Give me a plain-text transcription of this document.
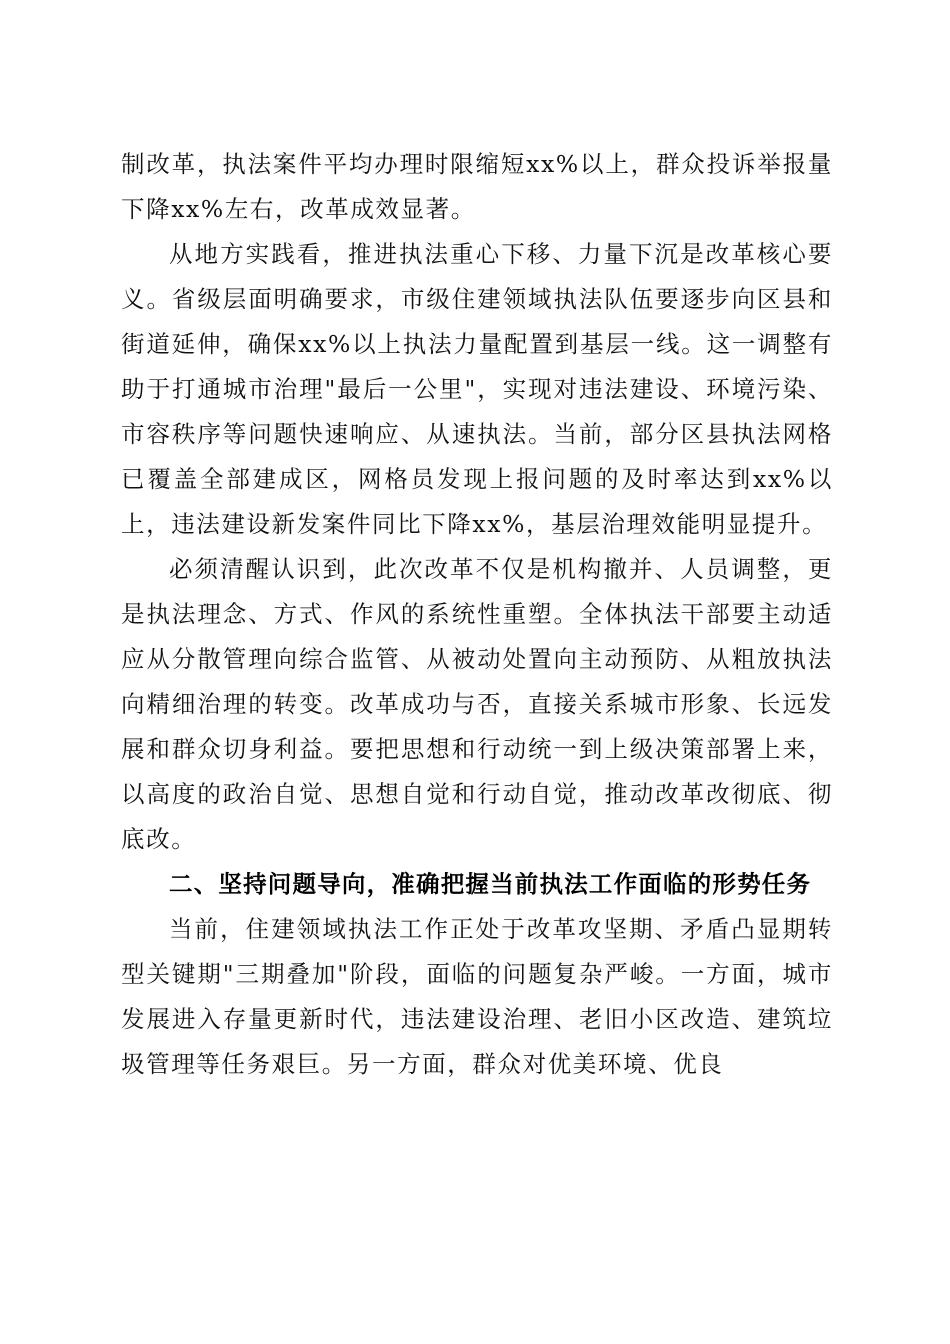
制改革，执法案件平均办理时限缩短xx%以上，群众投诉举报量下降xx%左右，改革成效显著。

从地方实践看，推进执法重心下移、力量下沉是改革核心要义。省级层面明确要求，市级住建领域执法队伍要逐步向区县和街道延伸，确保xx%以上执法力量配置到基层一线。这一调整有助于打通城市治理"最后一公里"，实现对违法建设、环境污染、市容秩序等问题快速响应、从速执法。当前，部分区县执法网格已覆盖全部建成区，网格员发现上报问题的及时率达到xx%以上，违法建设新发案件同比下降xx%，基层治理效能明显提升。

必须清醒认识到，此次改革不仅是机构撤并、人员调整，更是执法理念、方式、作风的系统性重塑。全体执法干部要主动适应从分散管理向综合监管、从被动处置向主动预防、从粗放执法向精细治理的转变。改革成功与否，直接关系城市形象、长远发展和群众切身利益。要把思想和行动统一到上级决策部署上来，以高度的政治自觉、思想自觉和行动自觉，推动改革改彻底、彻底改。

二、坚持问题导向，准确把握当前执法工作面临的形势任务

当前，住建领域执法工作正处于改革攻坚期、矛盾凸显期转型关键期"三期叠加"阶段，面临的问题复杂严峻。一方面，城市发展进入存量更新时代，违法建设治理、老旧小区改造、建筑垃圾管理等任务艰巨。另一方面，群众对优美环境、优良
